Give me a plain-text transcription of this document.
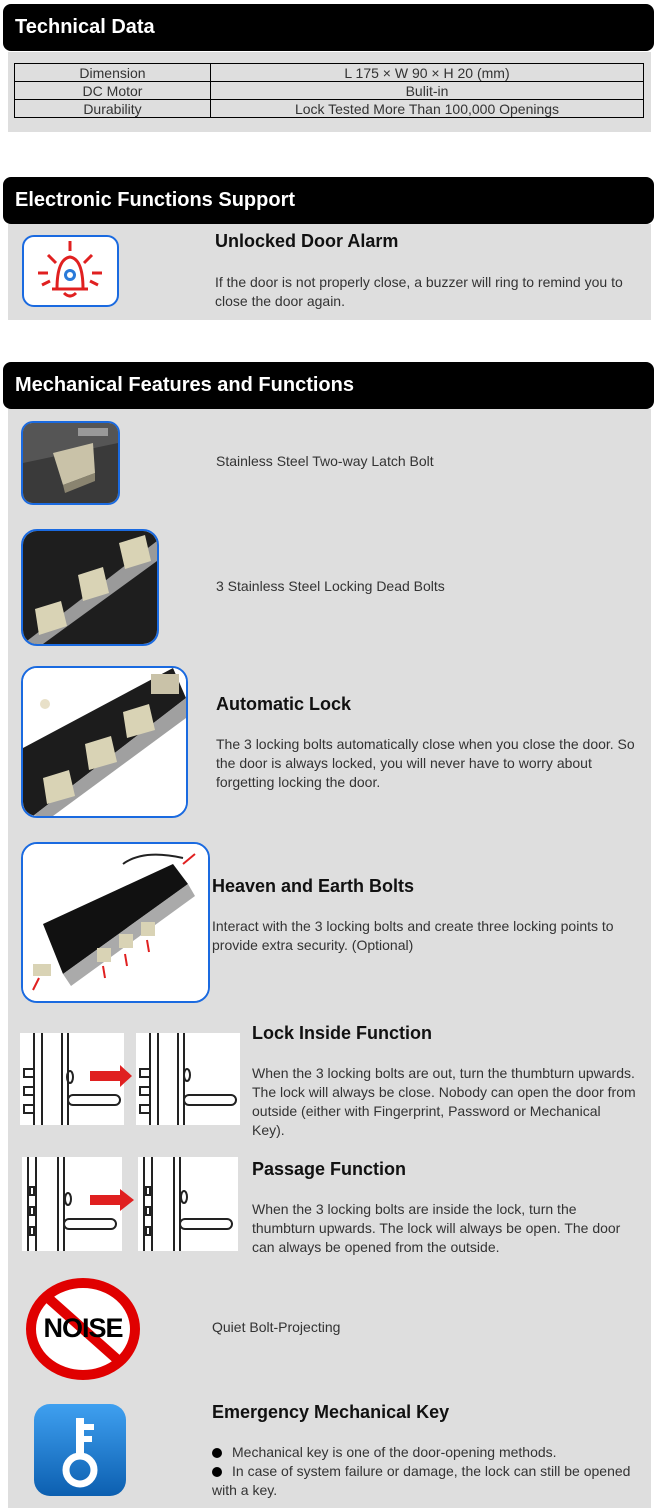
Technical Data
Dimension	L 175 × W 90 × H 20 (mm)
DC Motor	Bulit-in
Durability	Lock Tested More Than 100,000 Openings
Electronic Functions Support
Unlocked Door Alarm
If the door is not properly close, a buzzer will ring to remind you to close the door again.
Mechanical Features and Functions
Stainless Steel Two-way Latch Bolt
3 Stainless Steel Locking Dead Bolts
Automatic Lock
The 3 locking bolts automatically close when you close the door. So the door is always locked, you will never have to worry about forgetting locking the door.
Heaven and Earth Bolts
Interact with the 3 locking bolts and create three locking points to provide extra security. (Optional)
Lock Inside Function
When the 3 locking bolts are out, turn the thumbturn upwards. The lock will always be close. Nobody can open the door from outside (either with Fingerprint, Password or Mechanical Key).
Passage Function
When the 3 locking bolts are inside the lock, turn the thumbturn upwards. The lock will always be open. The door can always be opened from the outside.
NOISE	Quiet Bolt-Projecting
Emergency Mechanical Key
Mechanical key is one of the door-opening methods.
In case of system failure or damage, the lock can still be opened with a key.
